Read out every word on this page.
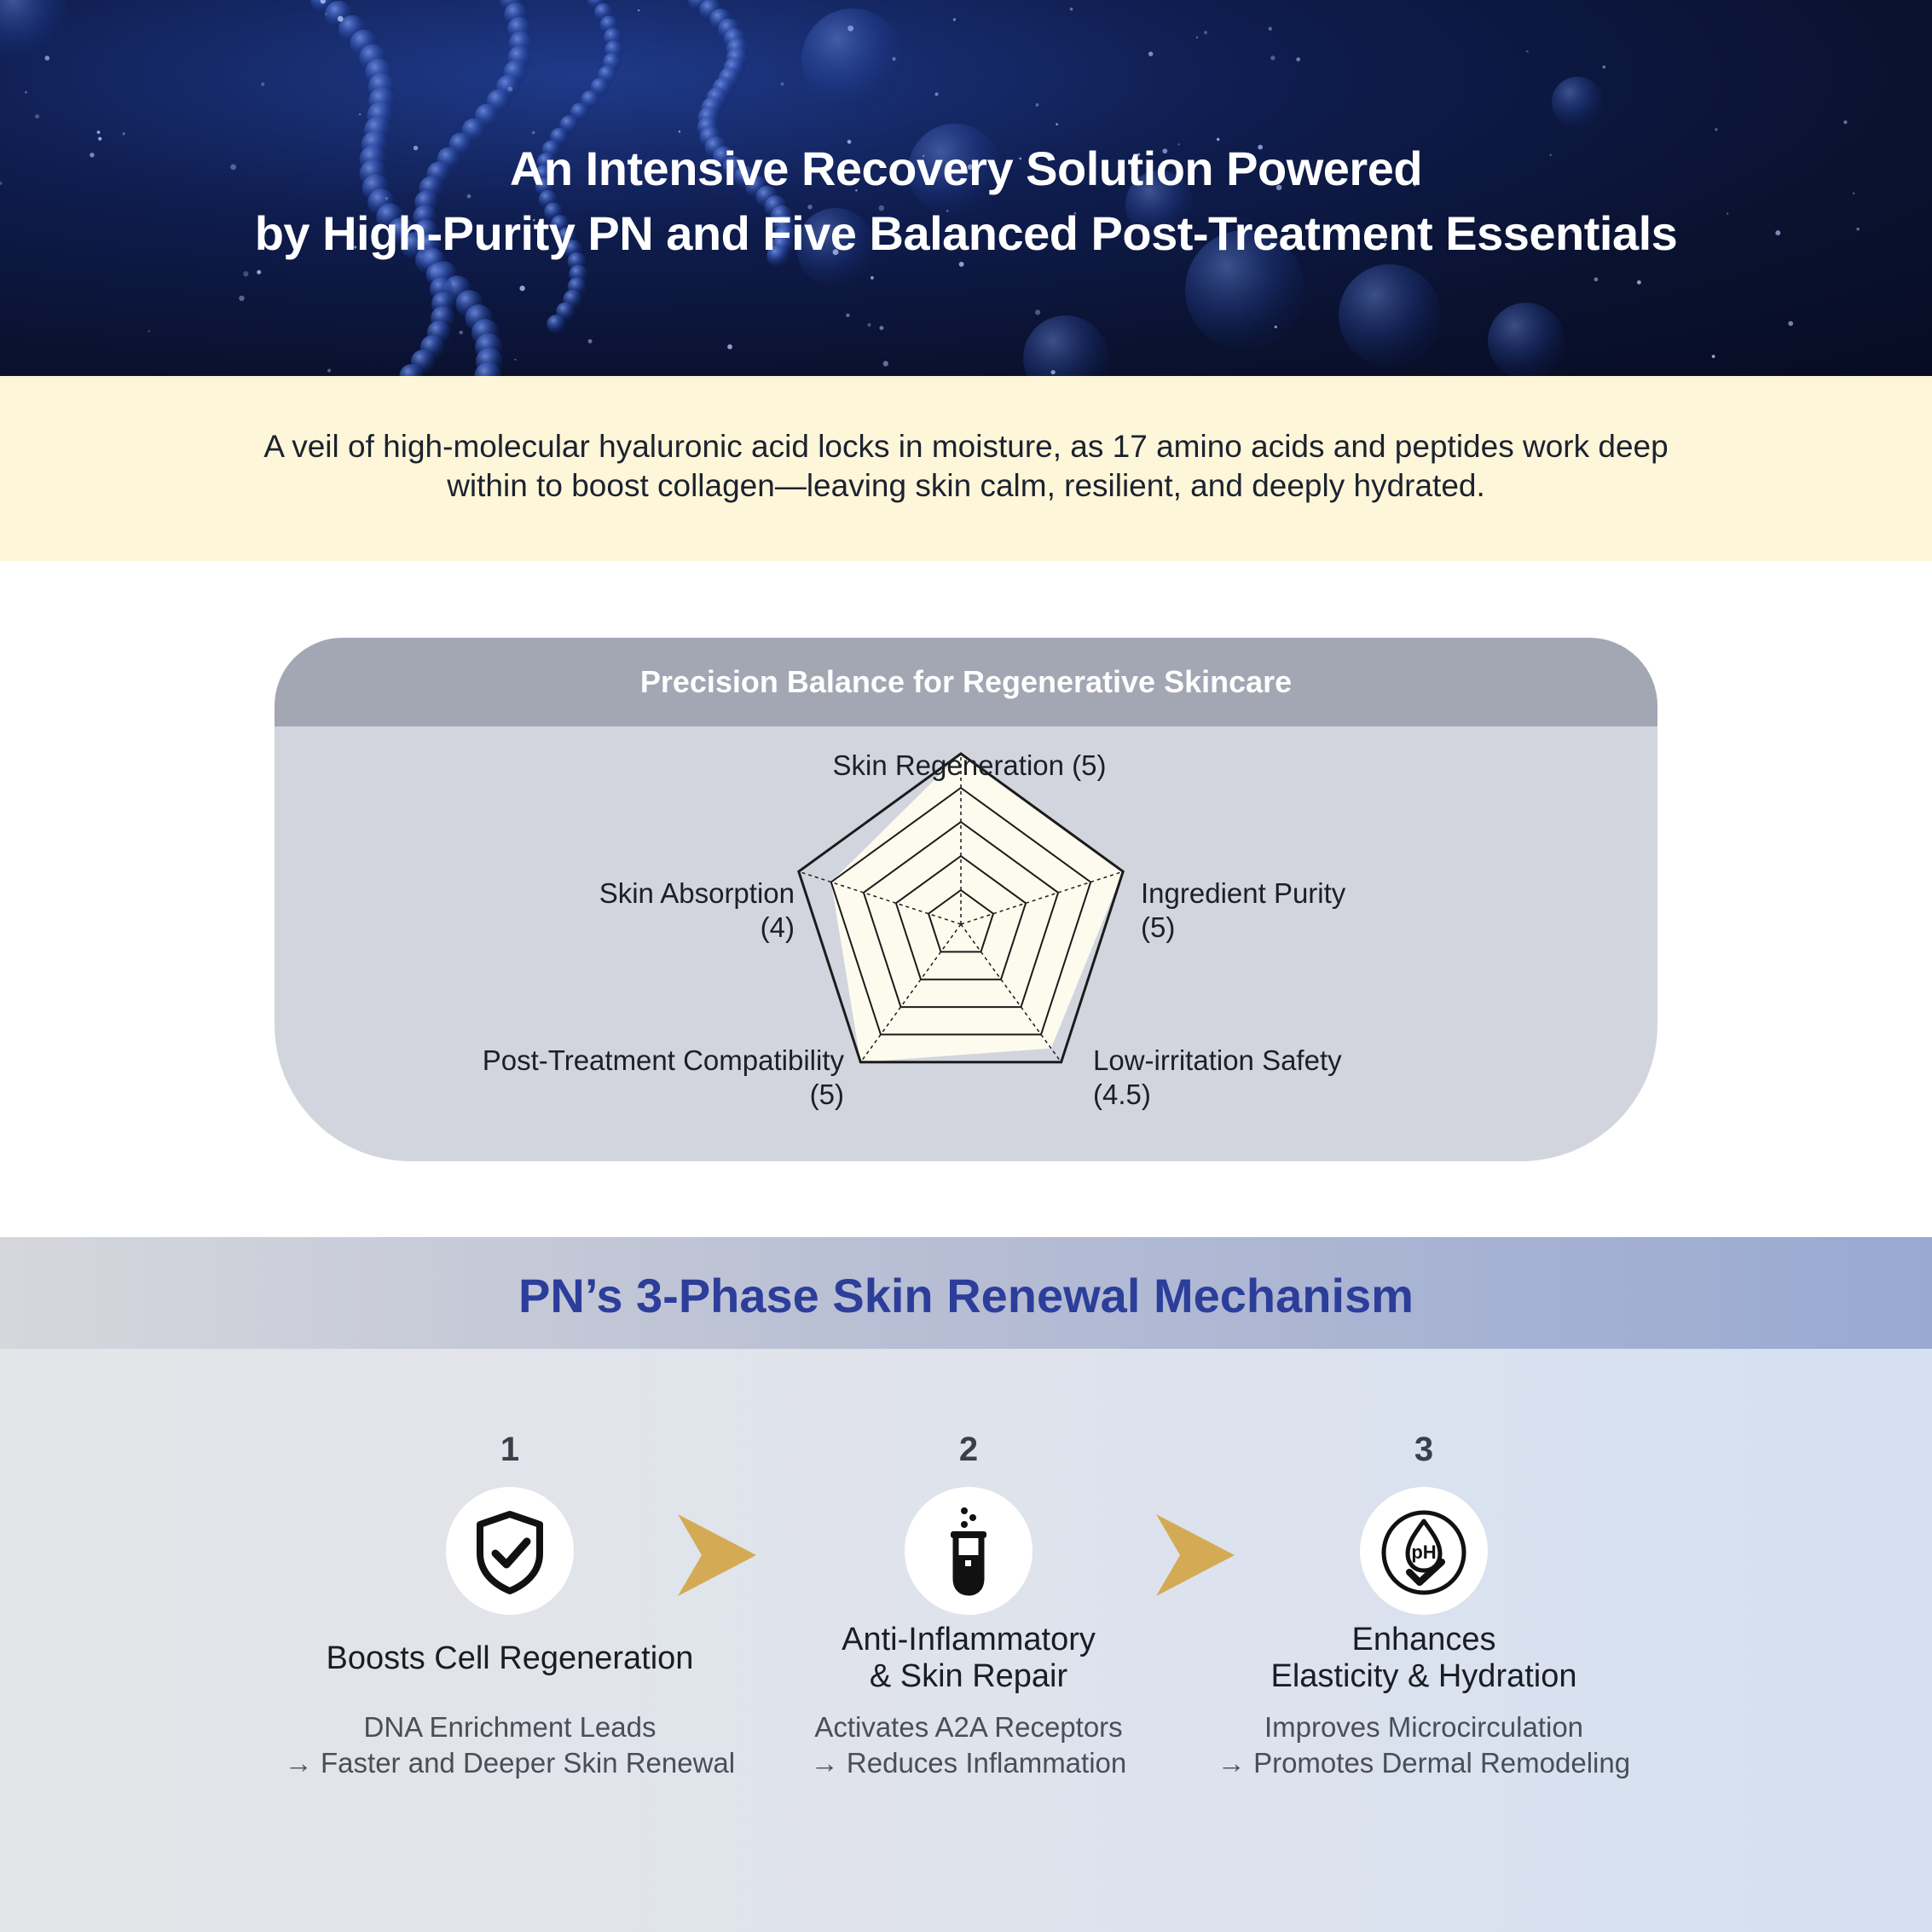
An Intensive Recovery Solution Powered
by High-Purity PN and Five Balanced Post-Treatment Essentials

A veil of high-molecular hyaluronic acid locks in moisture, as 17 amino acids and peptides work deep
within to boost collagen—leaving skin calm, resilient, and deeply hydrated.

Precision Balance for Regenerative Skincare
Skin Regeneration (5)
Ingredient Purity
(5)
Low-irritation Safety
(4.5)
Post-Treatment Compatibility
(5)
Skin Absorption
(4)
PN’s 3-Phase Skin Renewal Mechanism
1
Boosts Cell Regeneration
DNA Enrichment Leads
→ Faster and Deeper Skin Renewal
2
Anti-Inflammatory
& Skin Repair
Activates A2A Receptors
→ Reduces Inflammation
3
pH
Enhances
Elasticity & Hydration
Improves Microcirculation
→ Promotes Dermal Remodeling
